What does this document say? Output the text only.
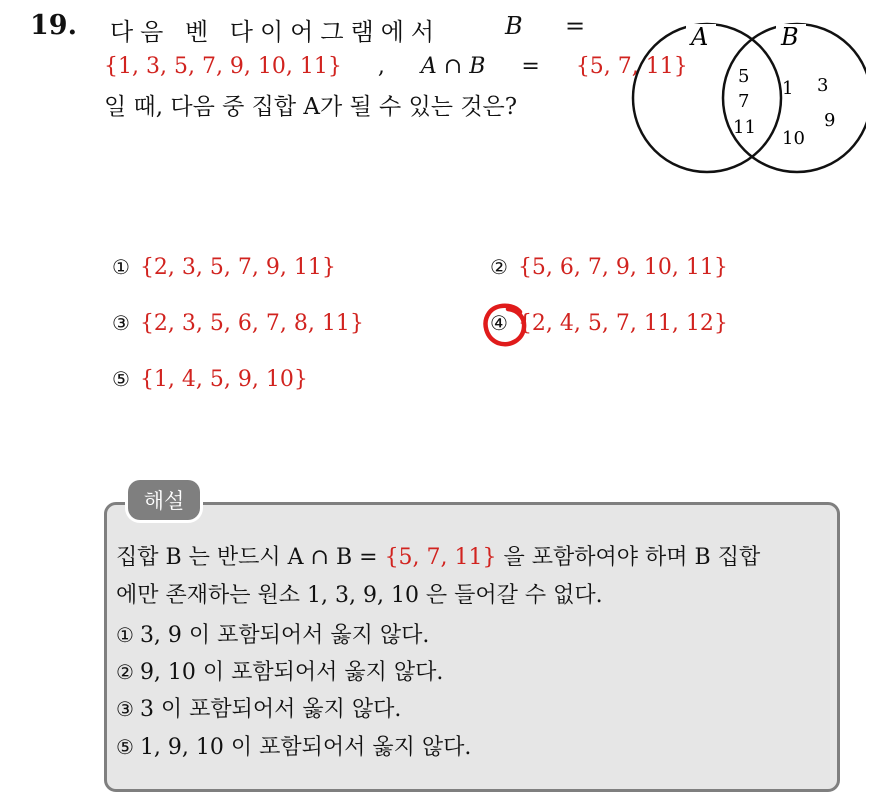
19. 다음 벤 다이어그램에서	B =
{1, 3, 5, 7, 9, 10, 11} , A ∩ B = {5, 7, 11}
일 때, 다음 중 집합 A가 될 수 있는 것은?
A	B
5
7
11
1 3
9
10
① {2, 3, 5, 7, 9, 11}	② {5, 6, 7, 9, 10, 11}
③ {2, 3, 5, 6, 7, 8, 11}	④ {2, 4, 5, 7, 11, 12}
⑤ {1, 4, 5, 9, 10}
해설
집합 B 는 반드시 A ∩ B = {5, 7, 11} 을 포함하여야 하며 B 집합
에만 존재하는 원소 1, 3, 9, 10 은 들어갈 수 없다.
① 3, 9 이 포함되어서 옳지 않다.
② 9, 10 이 포함되어서 옳지 않다.
③ 3 이 포함되어서 옳지 않다.
⑤ 1, 9, 10 이 포함되어서 옳지 않다.
